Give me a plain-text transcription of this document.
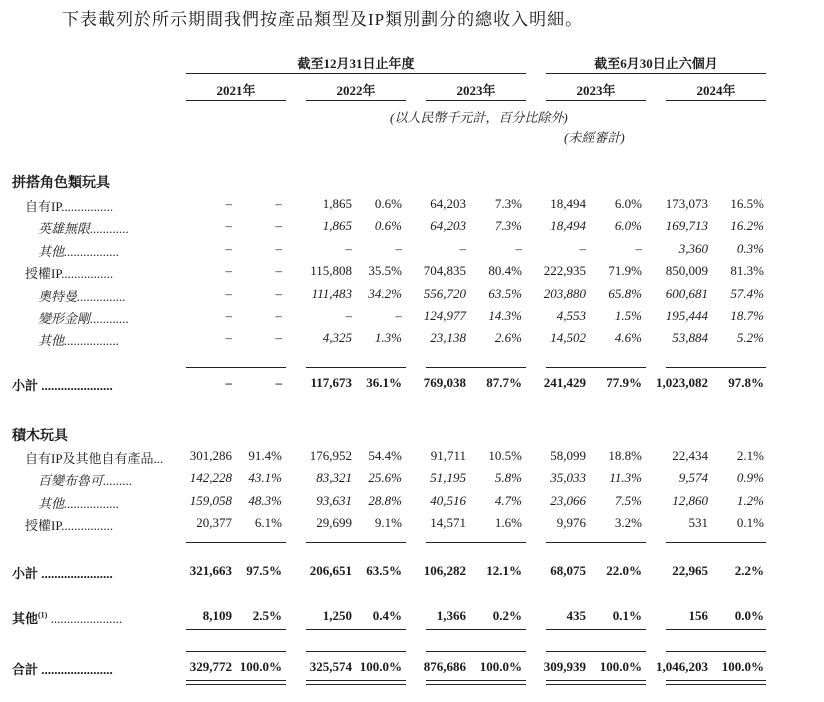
下表載列於所示期間我們按產品類型及IP類別劃分的總收入明細。
截至12月31日止年度	截至6月30日止六個月
2021年	2022年	2023年	2023年	2024年
(以人民幣千元計，百分比除外)
(未經審計)
拼搭角色類玩具
自有IP................	–	–	1,865	0.6%	64,203	7.3%	18,494	6.0%	173,073	16.5%
英雄無限............	–	–	1,865	0.6%	64,203	7.3%	18,494	6.0%	169,713	16.2%
其他.................	–	–	–	–	–	–	–	–	3,360	0.3%
授權IP................	–	–	115,808	35.5%	704,835	80.4%	222,935	71.9%	850,009	81.3%
奧特曼...............	–	–	111,483	34.2%	556,720	63.5%	203,880	65.8%	600,681	57.4%
變形金剛............	–	–	–	–	124,977	14.3%	4,553	1.5%	195,444	18.7%
其他.................	–	–	4,325	1.3%	23,138	2.6%	14,502	4.6%	53,884	5.2%
小計 ......................	–	–	117,673	36.1%	769,038	87.7%	241,429	77.9%	1,023,082	97.8%
積木玩具
自有IP及其他自有產品...	301,286	91.4%	176,952	54.4%	91,711	10.5%	58,099	18.8%	22,434	2.1%
百變布魯可.........	142,228	43.1%	83,321	25.6%	51,195	5.8%	35,033	11.3%	9,574	0.9%
其他.................	159,058	48.3%	93,631	28.8%	40,516	4.7%	23,066	7.5%	12,860	1.2%
授權IP................	20,377	6.1%	29,699	9.1%	14,571	1.6%	9,976	3.2%	531	0.1%
小計 ......................	321,663	97.5%	206,651	63.5%	106,282	12.1%	68,075	22.0%	22,965	2.2%
其他$^{(1)}$ ......................	8,109	2.5%	1,250	0.4%	1,366	0.2%	435	0.1%	156	0.0%
合計 ......................	329,772 100.0%	325,574 100.0%	876,686	100.0%	309,939	100.0%	1,046,203	100.0%
